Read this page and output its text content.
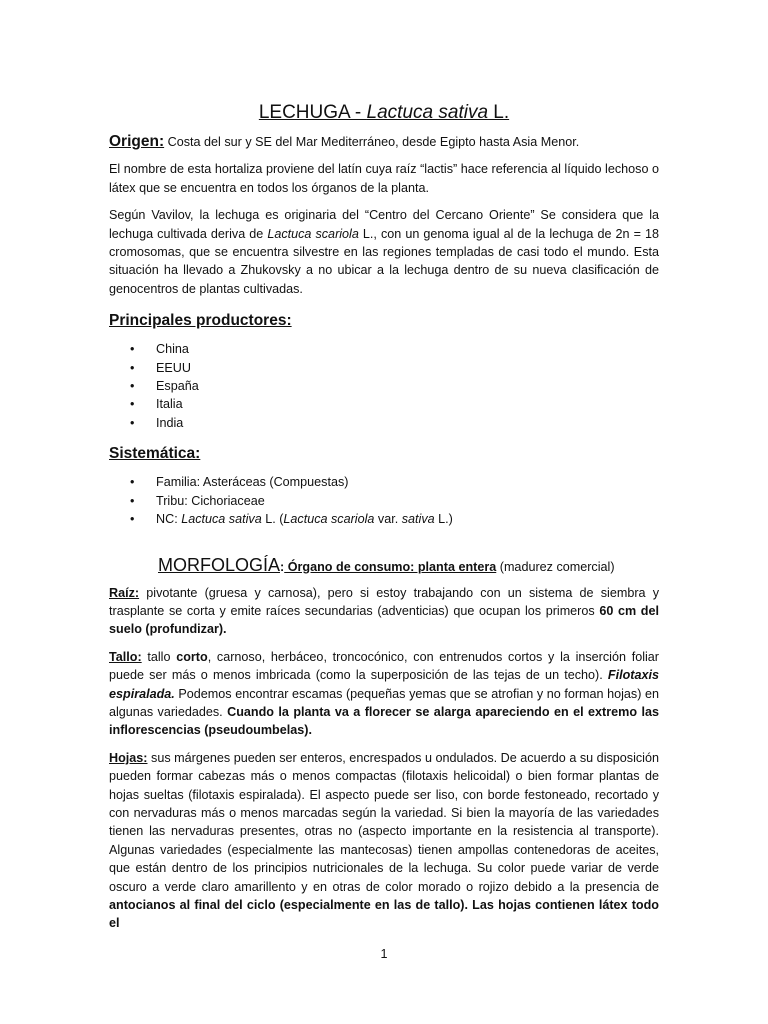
LECHUGA - Lactuca sativa L.

Origen: Costa del sur y SE del Mar Mediterráneo, desde Egipto hasta Asia Menor.

El nombre de esta hortaliza proviene del latín cuya raíz “lactis” hace referencia al líquido lechoso o látex que se encuentra en todos los órganos de la planta.

Según Vavilov, la lechuga es originaria del “Centro del Cercano Oriente” Se considera que la lechuga cultivada deriva de Lactuca scariola L., con un genoma igual al de la lechuga de 2n = 18 cromosomas, que se encuentra silvestre en las regiones templadas de casi todo el mundo. Esta situación ha llevado a Zhukovsky a no ubicar a la lechuga dentro de su nueva clasificación de genocentros de plantas cultivadas.

Principales productores:
• China
• EEUU
• España
• Italia
• India
Sistemática:
• Familia: Asteráceas (Compuestas)
• Tribu: Cichoriaceae
• NC: Lactuca sativa L. (Lactuca scariola var. sativa L.)
MORFOLOGÍA: Órgano de consumo: planta entera (madurez comercial)

Raíz: pivotante (gruesa y carnosa), pero si estoy trabajando con un sistema de siembra y trasplante se corta y emite raíces secundarias (adventicias) que ocupan los primeros 60 cm del suelo (profundizar).

Tallo: tallo corto, carnoso, herbáceo, troncocónico, con entrenudos cortos y la inserción foliar puede ser más o menos imbricada (como la superposición de las tejas de un techo). Filotaxis espiralada. Podemos encontrar escamas (pequeñas yemas que se atrofian y no forman hojas) en algunas variedades. Cuando la planta va a florecer se alarga apareciendo en el extremo las inflorescencias (pseudoumbelas).

Hojas: sus márgenes pueden ser enteros, encrespados u ondulados. De acuerdo a su disposición pueden formar cabezas más o menos compactas (filotaxis helicoidal) o bien formar plantas de hojas sueltas (filotaxis espiralada). El aspecto puede ser liso, con borde festoneado, recortado y con nervaduras más o menos marcadas según la variedad. Si bien la mayoría de las variedades tienen las nervaduras presentes, otras no (aspecto importante en la resistencia al transporte). Algunas variedades (especialmente las mantecosas) tienen ampollas contenedoras de aceites, que están dentro de los principios nutricionales de la lechuga. Su color puede variar de verde oscuro a verde claro amarillento y en otras de color morado o rojizo debido a la presencia de antocianos al final del ciclo (especialmente en las de tallo). Las hojas contienen látex todo el

1
